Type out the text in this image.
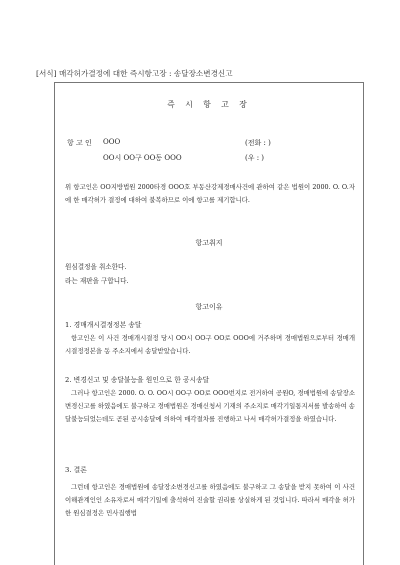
[서식] 매각허가결정에 대한 즉시항고장 : 송달장소변경신고
즉 시 항 고 장
항 고 인 OOO	(전화 : )
OO시 OO구 OO동 OOO	(우 : )
위 항고인은 OO지방법원 2000타경 OOO호 부동산강제경매사건에 관하여 같은 법원이 2000. O. O.자에 한 매각허가 결정에 대하여 불복하므로 이에 항고를 제기합니다.
항고취지
원심결정을 취소한다.
라는 재판을 구합니다.
항고이유
1. 경매개시결정정본 송달
항고인은 이 사건 경매개시결정 당시 OO시 OO구 OO로 OOO에 거주하며 경매법원으로부터 경매개시결정정본을 동 주소지에서 송달받았습니다.
2. 변경신고 및 송달불능을 원인으로 한 공시송달
그러나 항고인은 2000. O. O. OO시 OO구 OO로 OOO번지로 전거하여 공원O, 경매법원에 송달장소변경신고를 하였음에도 불구하고 경매법원은 경매신청서 기재의 주소지로 매각기일통지서를 발송하여 송달불능되었는데도 곧된 공시송달에 의하여 매각절차를 진행하고 나서 매각허가결정을 하였습니다.
3. 결론
그런데 항고인은 경매법원에 송달장소변경신고를 하였음에도 불구하고 그 송달을 받지 못하여 이 사건 이해관계인인 소유자로서 매각기일에 출석하여 진술할 권리를 상실하게 된 것입니다. 따라서 매각을 허가한 원심결정은 민사집행법
